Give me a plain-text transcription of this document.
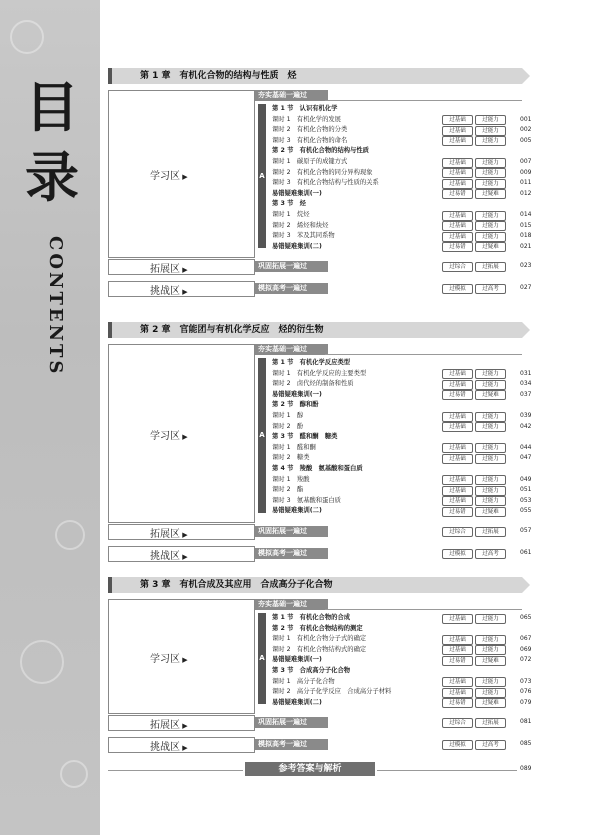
目
录
CONTENTS
第 1 章　有机化合物的结构与性质　烃
学习区 ▶
夯实基础一遍过
A
第 1 节　认识有机化学
课时 1　有机化学的发展	过基础	过能力	001
课时 2　有机化合物的分类	过基础	过能力	002
课时 3　有机化合物的命名	过基础	过能力	005
第 2 节　有机化合物的结构与性质
课时 1　碳原子的成键方式	过基础	过能力	007
课时 2　有机化合物的同分异构现象	过基础	过能力	009
课时 3　有机化合物结构与性质的关系	过基础	过能力	011
易错疑难集训(一)	过易错	过疑难	012
第 3 节　烃
课时 1　烷烃	过基础	过能力	014
课时 2　烯烃和炔烃	过基础	过能力	015
课时 3　苯及其同系物	过基础	过能力	018
易错疑难集训(二)	过易错	过疑难	021
拓展区 ▶	巩固拓展一遍过	过综合	过拓展	023
挑战区 ▶	模拟高考一遍过	过模拟	过高考	027
第 2 章　官能团与有机化学反应　烃的衍生物
学习区 ▶
夯实基础一遍过
A
第 1 节　有机化学反应类型
课时 1　有机化学反应的主要类型	过基础	过能力	031
课时 2　卤代烃的制备和性质	过基础	过能力	034
易错疑难集训(一)	过易错	过疑难	037
第 2 节　醇和酚
课时 1　醇	过基础	过能力	039
课时 2　酚	过基础	过能力	042
第 3 节　醛和酮　糖类
课时 1　醛和酮	过基础	过能力	044
课时 2　糖类	过基础	过能力	047
第 4 节　羧酸　氨基酸和蛋白质
课时 1　羧酸	过基础	过能力	049
课时 2　酯	过基础	过能力	051
课时 3　氨基酸和蛋白质	过基础	过能力	053
易错疑难集训(二)	过易错	过疑难	055
拓展区 ▶	巩固拓展一遍过	过综合	过拓展	057
挑战区 ▶	模拟高考一遍过	过模拟	过高考	061
第 3 章　有机合成及其应用　合成高分子化合物
学习区 ▶
夯实基础一遍过
A
第 1 节　有机化合物的合成	过基础	过能力	065
第 2 节　有机化合物结构的测定
课时 1　有机化合物分子式的确定	过基础	过能力	067
课时 2　有机化合物结构式的确定	过基础	过能力	069
易错疑难集训(一)	过易错	过疑难	072
第 3 节　合成高分子化合物
课时 1　高分子化合物	过基础	过能力	073
课时 2　高分子化学反应　合成高分子材料	过基础	过能力	076
易错疑难集训(二)	过易错	过疑难	079
拓展区 ▶	巩固拓展一遍过	过综合	过拓展	081
挑战区 ▶	模拟高考一遍过	过模拟	过高考	085
参考答案与解析	089
